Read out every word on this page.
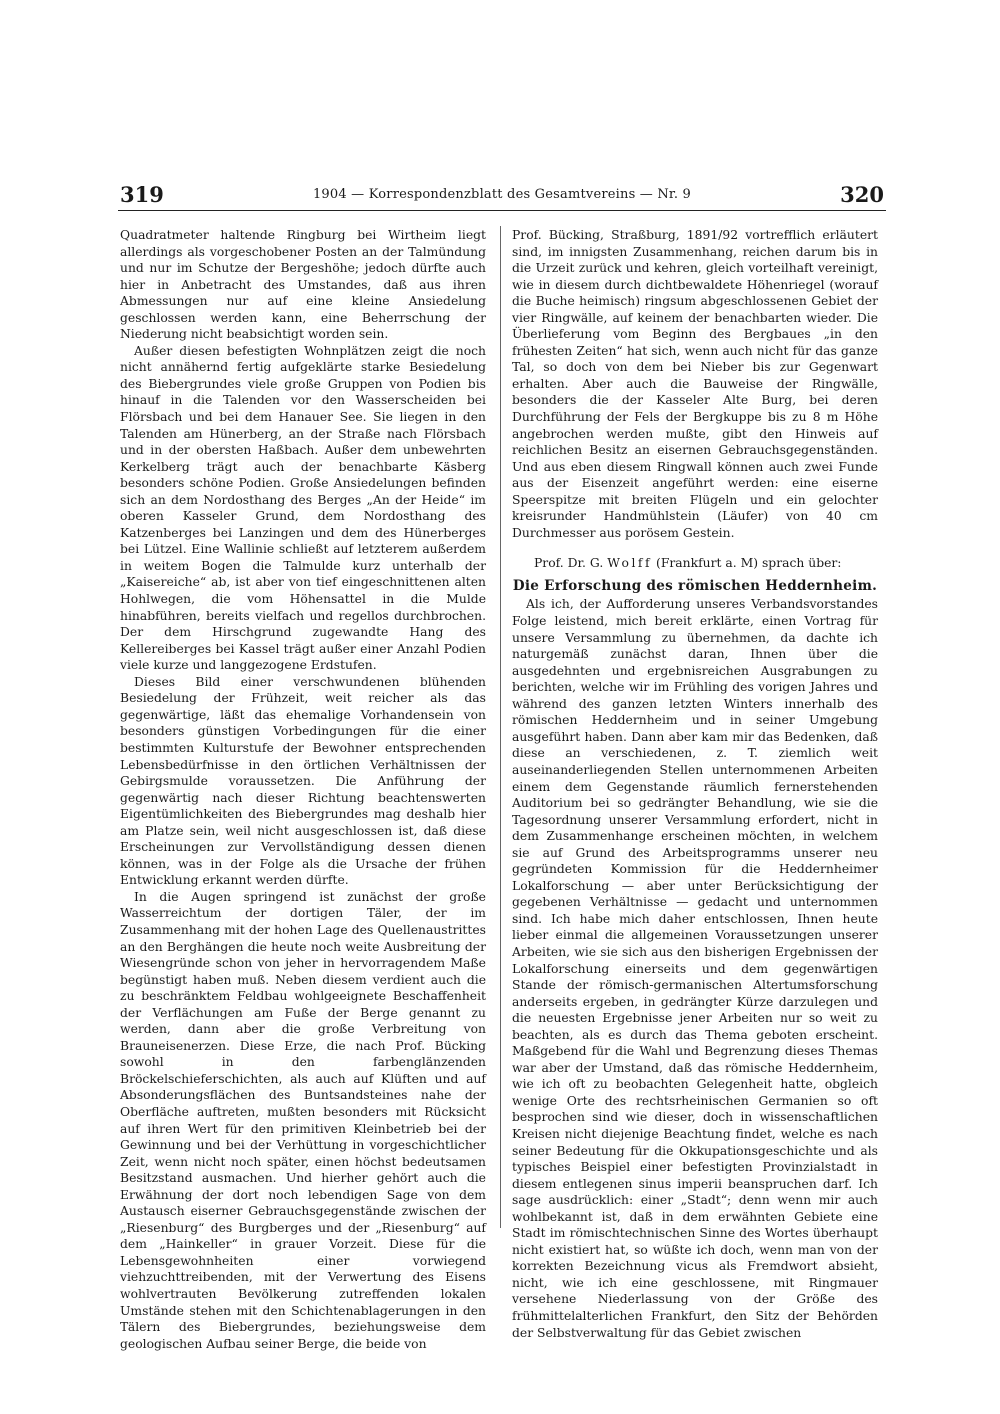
319	1904 — Korrespondenzblatt des Gesamtvereins — Nr. 9	320

Quadratmeter haltende Ringburg bei Wirtheim liegt allerdings als vorgeschobener Posten an der Talmündung und nur im Schutze der Bergeshöhe; jedoch dürfte auch hier in Anbetracht des Umstandes, daß aus ihren Abmessungen nur auf eine kleine Ansiedelung geschlossen werden kann, eine Beherrschung der Niederung nicht beabsichtigt worden sein.

Außer diesen befestigten Wohnplätzen zeigt die noch nicht annähernd fertig aufgeklärte starke Besiedelung des Biebergrundes viele große Gruppen von Podien bis hinauf in die Talenden vor den Wasserscheiden bei Flörsbach und bei dem Hanauer See. Sie liegen in den Talenden am Hünerberg, an der Straße nach Flörsbach und in der obersten Haßbach. Außer dem unbewehrten Kerkelberg trägt auch der benachbarte Käsberg besonders schöne Podien. Große Ansiedelungen befinden sich an dem Nordosthang des Berges „An der Heide“ im oberen Kasseler Grund, dem Nordosthang des Katzenberges bei Lanzingen und dem des Hünerberges bei Lützel. Eine Wallinie schließt auf letzterem außerdem in weitem Bogen die Talmulde kurz unterhalb der „Kaisereiche“ ab, ist aber von tief eingeschnittenen alten Hohlwegen, die vom Höhensattel in die Mulde hinabführen, bereits vielfach und regellos durchbrochen. Der dem Hirschgrund zugewandte Hang des Kellereiberges bei Kassel trägt außer einer Anzahl Podien viele kurze und langgezogene Erdstufen.

Dieses Bild einer verschwundenen blühenden Besiedelung der Frühzeit, weit reicher als das gegenwärtige, läßt das ehemalige Vorhandensein von besonders günstigen Vorbedingungen für die einer bestimmten Kulturstufe der Bewohner entsprechenden Lebensbedürfnisse in den örtlichen Verhältnissen der Gebirgsmulde voraussetzen. Die Anführung der gegenwärtig nach dieser Richtung beachtenswerten Eigentümlichkeiten des Biebergrundes mag deshalb hier am Platze sein, weil nicht ausgeschlossen ist, daß diese Erscheinungen zur Vervollständigung dessen dienen können, was in der Folge als die Ursache der frühen Entwicklung erkannt werden dürfte.

In die Augen springend ist zunächst der große Wasserreichtum der dortigen Täler, der im Zusammenhang mit der hohen Lage des Quellenaustrittes an den Berghängen die heute noch weite Ausbreitung der Wiesengründe schon von jeher in hervorragendem Maße begünstigt haben muß. Neben diesem verdient auch die zu beschränktem Feldbau wohlgeeignete Beschaffenheit der Verflächungen am Fuße der Berge genannt zu werden, dann aber die große Verbreitung von Brauneisenerzen. Diese Erze, die nach Prof. Bücking sowohl in den farbenglänzenden Bröckelschieferschichten, als auch auf Klüften und auf Absonderungsflächen des Buntsandsteines nahe der Oberfläche auftreten, mußten besonders mit Rücksicht auf ihren Wert für den primitiven Kleinbetrieb bei der Gewinnung und bei der Verhüttung in vorgeschichtlicher Zeit, wenn nicht noch später, einen höchst bedeutsamen Besitzstand ausmachen. Und hierher gehört auch die Erwähnung der dort noch lebendigen Sage von dem Austausch eiserner Gebrauchsgegenstände zwischen der „Riesenburg“ des Burgberges und der „Riesenburg“ auf dem „Hainkeller“ in grauer Vorzeit. Diese für die Lebensgewohnheiten einer vorwiegend viehzuchttreibenden, mit der Verwertung des Eisens wohlvertrauten Bevölkerung zutreffenden lokalen Umstände stehen mit den Schichtenablagerungen in den Tälern des Biebergrundes, beziehungsweise dem geologischen Aufbau seiner Berge, die beide von

Prof. Bücking, Straßburg, 1891/92 vortrefflich erläutert sind, im innigsten Zusammenhang, reichen darum bis in die Urzeit zurück und kehren, gleich vorteilhaft vereinigt, wie in diesem durch dichtbewaldete Höhenriegel (worauf die Buche heimisch) ringsum abgeschlossenen Gebiet der vier Ringwälle, auf keinem der benachbarten wieder. Die Überlieferung vom Beginn des Bergbaues „in den frühesten Zeiten“ hat sich, wenn auch nicht für das ganze Tal, so doch von dem bei Nieber bis zur Gegenwart erhalten. Aber auch die Bauweise der Ringwälle, besonders die der Kasseler Alte Burg, bei deren Durchführung der Fels der Bergkuppe bis zu 8 m Höhe angebrochen werden mußte, gibt den Hinweis auf reichlichen Besitz an eisernen Gebrauchsgegenständen. Und aus eben diesem Ringwall können auch zwei Funde aus der Eisenzeit angeführt werden: eine eiserne Speerspitze mit breiten Flügeln und ein gelochter kreisrunder Handmühlstein (Läufer) von 40 cm Durchmesser aus porösem Gestein.

Prof. Dr. G. Wolff (Frankfurt a. M) sprach über:

Die Erforschung des römischen Heddernheim.

Als ich, der Aufforderung unseres Verbandsvorstandes Folge leistend, mich bereit erklärte, einen Vortrag für unsere Versammlung zu übernehmen, da dachte ich naturgemäß zunächst daran, Ihnen über die ausgedehnten und ergebnisreichen Ausgrabungen zu berichten, welche wir im Frühling des vorigen Jahres und während des ganzen letzten Winters innerhalb des römischen Heddernheim und in seiner Umgebung ausgeführt haben. Dann aber kam mir das Bedenken, daß diese an verschiedenen, z. T. ziemlich weit auseinanderliegenden Stellen unternommenen Arbeiten einem dem Gegenstande räumlich fernerstehenden Auditorium bei so gedrängter Behandlung, wie sie die Tagesordnung unserer Versammlung erfordert, nicht in dem Zusammenhange erscheinen möchten, in welchem sie auf Grund des Arbeitsprogramms unserer neu gegründeten Kommission für die Heddernheimer Lokalforschung — aber unter Berücksichtigung der gegebenen Verhältnisse — gedacht und unternommen sind. Ich habe mich daher entschlossen, Ihnen heute lieber einmal die allgemeinen Voraussetzungen unserer Arbeiten, wie sie sich aus den bisherigen Ergebnissen der Lokalforschung einerseits und dem gegenwärtigen Stande der römisch-germanischen Altertumsforschung anderseits ergeben, in gedrängter Kürze darzulegen und die neuesten Ergebnisse jener Arbeiten nur so weit zu beachten, als es durch das Thema geboten erscheint. Maßgebend für die Wahl und Begrenzung dieses Themas war aber der Umstand, daß das römische Heddernheim, wie ich oft zu beobachten Gelegenheit hatte, obgleich wenige Orte des rechtsrheinischen Germanien so oft besprochen sind wie dieser, doch in wissenschaftlichen Kreisen nicht diejenige Beachtung findet, welche es nach seiner Bedeutung für die Okkupationsgeschichte und als typisches Beispiel einer befestigten Provinzialstadt in diesem entlegenen sinus imperii beanspruchen darf. Ich sage ausdrücklich: einer „Stadt“; denn wenn mir auch wohlbekannt ist, daß in dem erwähnten Gebiete eine Stadt im römischtechnischen Sinne des Wortes überhaupt nicht existiert hat, so wüßte ich doch, wenn man von der korrekten Bezeichnung vicus als Fremdwort absieht, nicht, wie ich eine geschlossene, mit Ringmauer versehene Niederlassung von der Größe des frühmittelalterlichen Frankfurt, den Sitz der Behörden der Selbstverwaltung für das Gebiet zwischen
